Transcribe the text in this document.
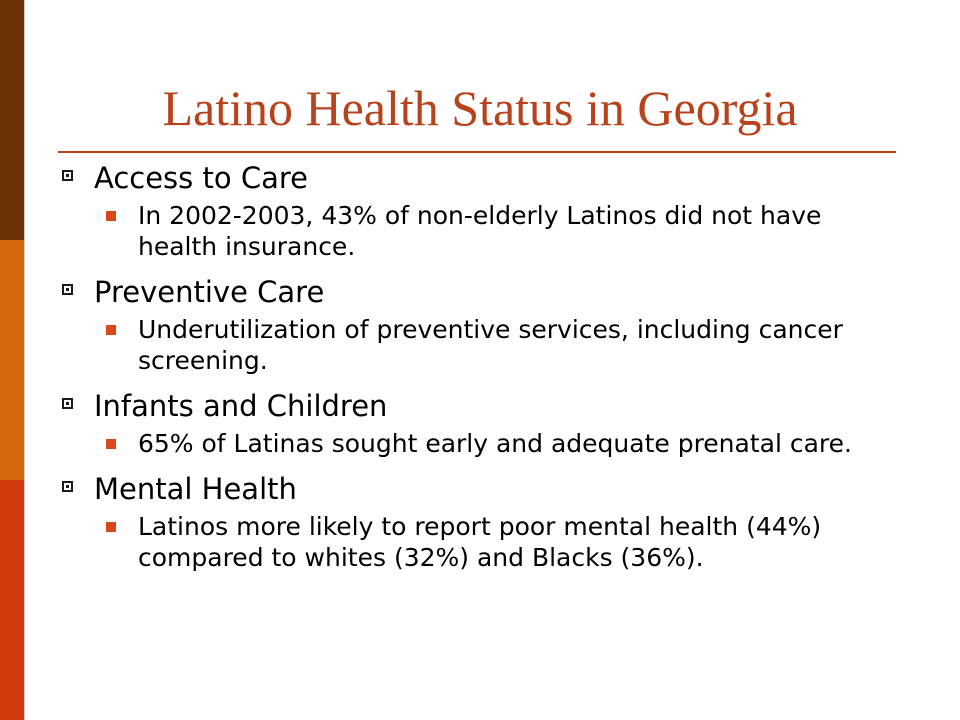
Latino Health Status in Georgia
Access to Care
In 2002-2003, 43% of non-elderly Latinos did not have health insurance.
Preventive Care
Underutilization of preventive services, including cancer screening.
Infants and Children
65% of Latinas sought early and adequate prenatal care.
Mental Health
Latinos more likely to report poor mental health (44%) compared to whites (32%) and Blacks (36%).
